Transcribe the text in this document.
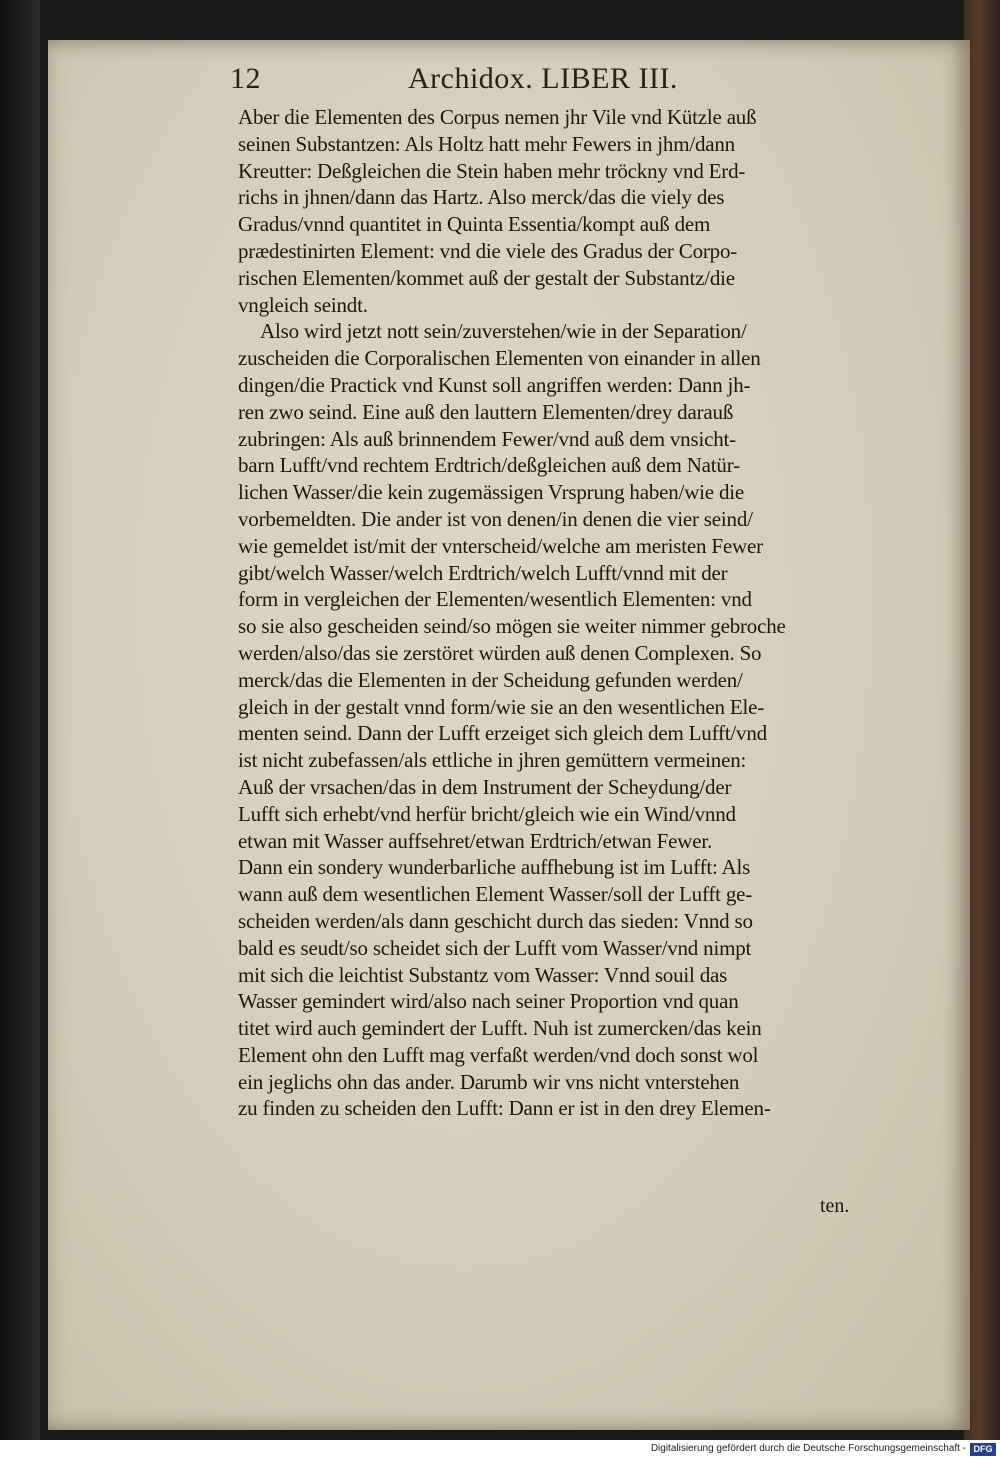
12	Archidox. LIBER III.
Aber die Elementen des Corpus nemen jhr Vile vnd Kützle auß
seinen Substantzen: Als Holtz hatt mehr Fewers in jhm/dann
Kreutter: Deßgleichen die Stein haben mehr tröckny vnd Erd-
richs in jhnen/dann das Hartz. Also merck/das die viely des
Gradus/vnnd quantitet in Quinta Essentia/kompt auß dem
prædestinirten Element: vnd die viele des Gradus der Corpo-
rischen Elementen/kommet auß der gestalt der Substantz/die
vngleich seindt.
Also wird jetzt nott sein/zuverstehen/wie in der Separation/
zuscheiden die Corporalischen Elementen von einander in allen
dingen/die Practick vnd Kunst soll angriffen werden: Dann jh-
ren zwo seind. Eine auß den lauttern Elementen/drey darauß
zubringen: Als auß brinnendem Fewer/vnd auß dem vnsicht-
barn Lufft/vnd rechtem Erdtrich/deßgleichen auß dem Natür-
lichen Wasser/die kein zugemässigen Vrsprung haben/wie die
vorbemeldten. Die ander ist von denen/in denen die vier seind/
wie gemeldet ist/mit der vnterscheid/welche am meristen Fewer
gibt/welch Wasser/welch Erdtrich/welch Lufft/vnnd mit der
form in vergleichen der Elementen/wesentlich Elementen: vnd
so sie also gescheiden seind/so mögen sie weiter nimmer gebroche
werden/also/das sie zerstöret würden auß denen Complexen. So
merck/das die Elementen in der Scheidung gefunden werden/
gleich in der gestalt vnnd form/wie sie an den wesentlichen Ele-
menten seind. Dann der Lufft erzeiget sich gleich dem Lufft/vnd
ist nicht zubefassen/als ettliche in jhren gemüttern vermeinen:
Auß der vrsachen/das in dem Instrument der Scheydung/der
Lufft sich erhebt/vnd herfür bricht/gleich wie ein Wind/vnnd
etwan mit Wasser auffsehret/etwan Erdtrich/etwan Fewer.
Dann ein sondery wunderbarliche auffhebung ist im Lufft: Als
wann auß dem wesentlichen Element Wasser/soll der Lufft ge-
scheiden werden/als dann geschicht durch das sieden: Vnnd so
bald es seudt/so scheidet sich der Lufft vom Wasser/vnd nimpt
mit sich die leichtist Substantz vom Wasser: Vnnd souil das
Wasser gemindert wird/also nach seiner Proportion vnd quan
titet wird auch gemindert der Lufft. Nuh ist zumercken/das kein
Element ohn den Lufft mag verfaßt werden/vnd doch sonst wol
ein jeglichs ohn das ander. Darumb wir vns nicht vnterstehen
zu finden zu scheiden den Lufft: Dann er ist in den drey Elemen-
ten.
Digitalisierung gefördert durch die Deutsche Forschungsgemeinschaft - DFG
